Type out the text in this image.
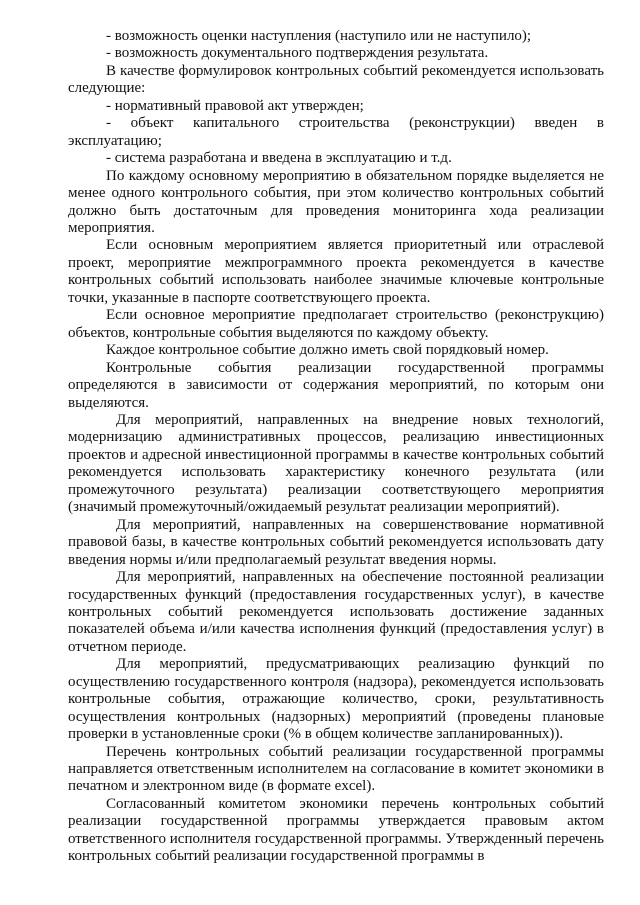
- возможность оценки наступления (наступило или не наступило);

- возможность документального подтверждения результата.

В качестве формулировок контрольных событий рекомендуется использовать следующие:

- нормативный правовой акт утвержден;

- объект капитального строительства (реконструкции) введен в эксплуатацию;

- система разработана и введена в эксплуатацию и т.д.

По каждому основному мероприятию в обязательном порядке выделяется не менее одного контрольного события, при этом количество контрольных событий должно быть достаточным для проведения мониторинга хода реализации мероприятия.

Если основным мероприятием является приоритетный или отраслевой проект, мероприятие межпрограммного проекта рекомендуется в качестве контрольных событий использовать наиболее значимые ключевые контрольные точки, указанные в паспорте соответствующего проекта.

Если основное мероприятие предполагает строительство (реконструкцию) объектов, контрольные события выделяются по каждому объекту.

Каждое контрольное событие должно иметь свой порядковый номер.

Контрольные события реализации государственной программы определяются в зависимости от содержания мероприятий, по которым они выделяются.

Для мероприятий, направленных на внедрение новых технологий, модернизацию административных процессов, реализацию инвестиционных проектов и адресной инвестиционной программы в качестве контрольных событий рекомендуется использовать характеристику конечного результата (или промежуточного результата) реализации соответствующего мероприятия (значимый промежуточный/ожидаемый результат реализации мероприятий).

Для мероприятий, направленных на совершенствование нормативной правовой базы, в качестве контрольных событий рекомендуется использовать дату введения нормы и/или предполагаемый результат введения нормы.

Для мероприятий, направленных на обеспечение постоянной реализации государственных функций (предоставления государственных услуг), в качестве контрольных событий рекомендуется использовать достижение заданных показателей объема и/или качества исполнения функций (предоставления услуг) в отчетном периоде.

Для мероприятий, предусматривающих реализацию функций по осуществлению государственного контроля (надзора), рекомендуется использовать контрольные события, отражающие количество, сроки, результативность осуществления контрольных (надзорных) мероприятий (проведены плановые проверки в установленные сроки (% в общем количестве запланированных)).

Перечень контрольных событий реализации государственной программы направляется ответственным исполнителем на согласование в комитет экономики в печатном и электронном виде (в формате excel).

Согласованный комитетом экономики перечень контрольных событий реализации государственной программы утверждается правовым актом ответственного исполнителя государственной программы. Утвержденный перечень контрольных событий реализации государственной программы в
